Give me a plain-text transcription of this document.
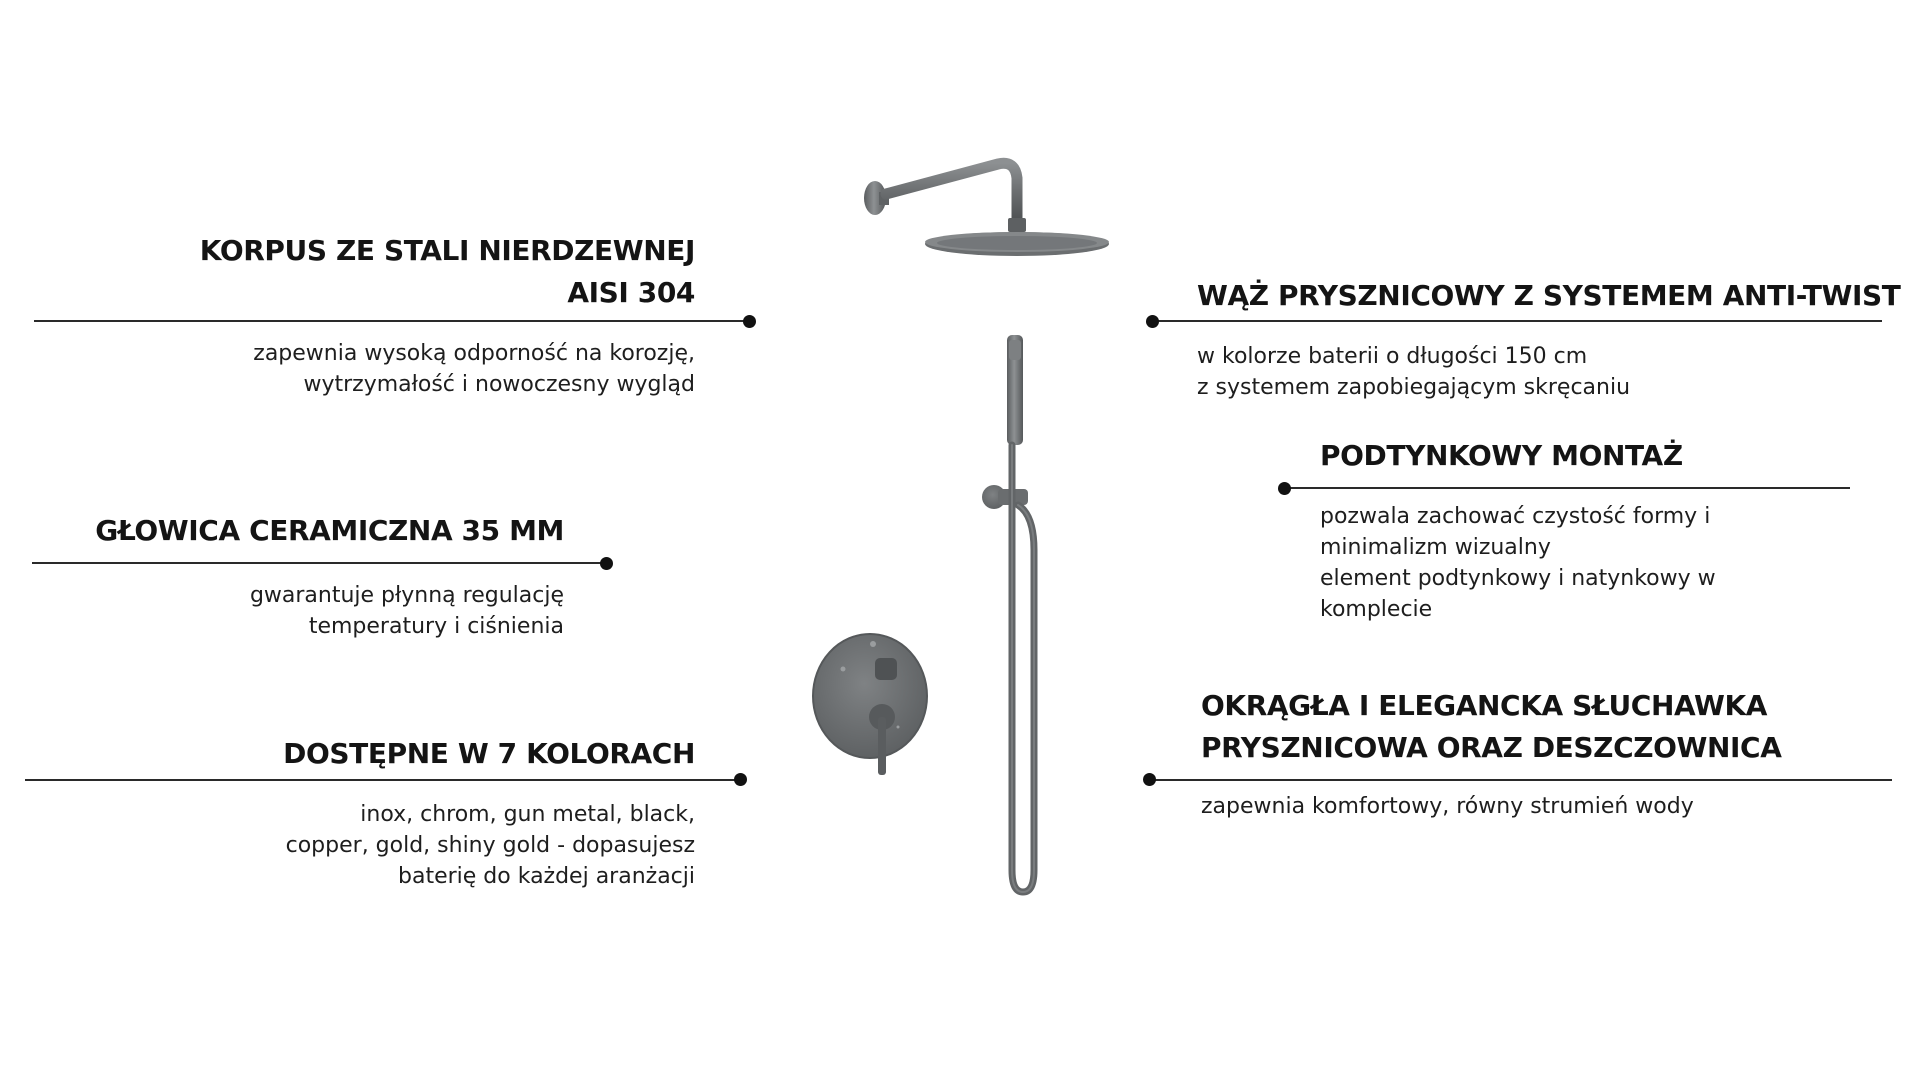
KORPUS ZE STALI NIERDZEWNEJ
AISI 304
zapewnia wysoką odporność na korozję,
wytrzymałość i nowoczesny wygląd
GŁOWICA CERAMICZNA 35 MM
gwarantuje płynną regulację
temperatury i ciśnienia
DOSTĘPNE W 7 KOLORACH
inox, chrom, gun metal, black,
copper, gold, shiny gold - dopasujesz
baterię do każdej aranżacji
WĄŻ PRYSZNICOWY Z SYSTEMEM ANTI-TWIST
w kolorze baterii o długości 150 cm
z systemem zapobiegającym skręcaniu
PODTYNKOWY MONTAŻ
pozwala zachować czystość formy i
minimalizm wizualny
element podtynkowy i natynkowy w
komplecie
OKRĄGŁA I ELEGANCKA SŁUCHAWKA
PRYSZNICOWA ORAZ DESZCZOWNICA
zapewnia komfortowy, równy strumień wody
